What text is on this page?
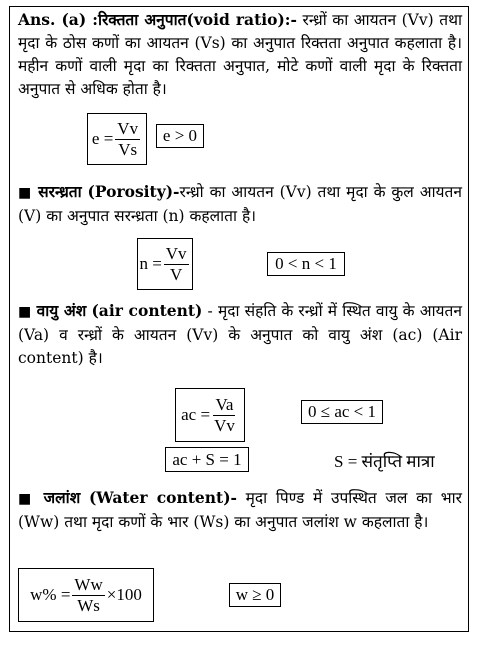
Ans. (a) :रिक्तता अनुपात(void ratio):- रन्ध्रों का आयतन (Vv) तथा मृदा के ठोस कणों का आयतन (Vs) का अनुपात रिक्तता अनुपात कहलाता है। महीन कणों वाली मृदा का रिक्तता अनुपात, मोटे कणों वाली मृदा के रिक्तता अनुपात से अधिक होता है।
$e = \frac{Vv}{Vs}$	e > 0
■ सरन्ध्रता (Porosity)-रन्ध्रो का आयतन (Vv) तथा मृदा के कुल आयतन (V) का अनुपात सरन्ध्रता (n) कहलाता है।
$n = \frac{Vv}{V}$	0 < n < 1
■ वायु अंश (air content) - मृदा संहति के रन्ध्रों में स्थित वायु के आयतन (Va) व रन्ध्रों के आयतन (Vv) के अनुपात को वायु अंश (ac) (Air content) है।
ac = $\frac{Va}{Vv}$	0 ≤ ac < 1
ac + S = 1	S = संतृप्ति मात्रा
■ जलांश (Water content)- मृदा पिण्ड में उपस्थित जल का भार (Ww) तथा मृदा कणों के भार (Ws) का अनुपात जलांश w कहलाता है।
$w\% = \frac{Ww}{Ws} \times 100$	w ≥ 0
